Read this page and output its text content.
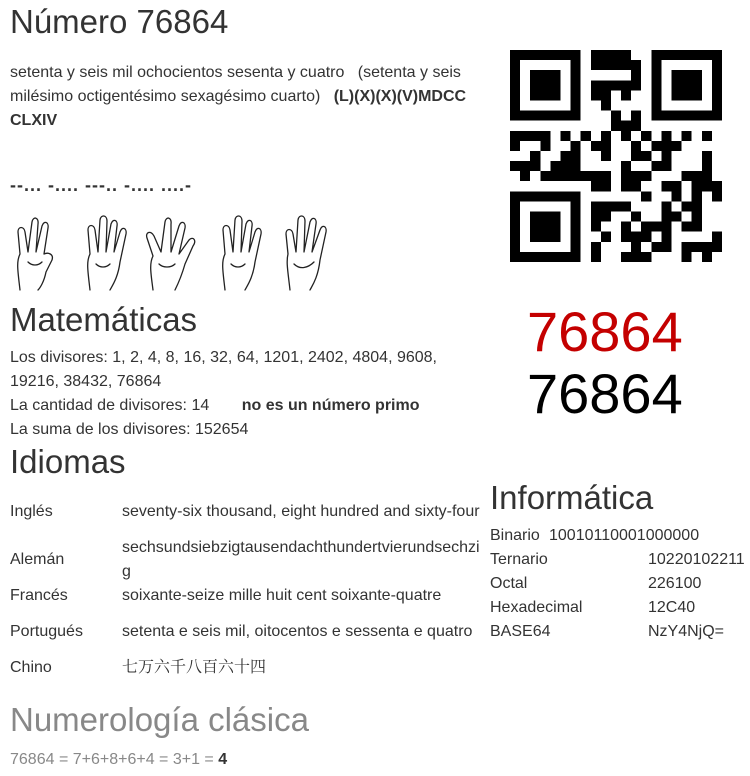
Número 76864
setenta y seis mil ochocientos sesenta y cuatro (setenta y seis milésimo octigentésimo sexagésimo cuarto) (L)(X)(X)(V)MDCC CLXIV
--... -.... ---.. -.... ....-
76864
76864
Matemáticas
Los divisores: 1, 2, 4, 8, 16, 32, 64, 1201, 2402, 4804, 9608, 19216, 38432, 76864
La cantidad de divisores: 14 no es un número primo
La suma de los divisores: 152654
Idiomas
Inglés	seventy-six thousand, eight hundred and sixty-four
Alemán	sechsundsiebzigtausendachthundertvierundsechzig
Francés	soixante-seize mille huit cent soixante-quatre
Portugués	setenta e seis mil, oitocentos e sessenta e quatro
Chino	七万六千八百六十四
Informática
Binario 10010110001000000
Ternario	10220102211
Octal	226100
Hexadecimal	12C40
BASE64	NzY4NjQ=
Numerología clásica
76864 = 7+6+8+6+4 = 3+1 = 4
